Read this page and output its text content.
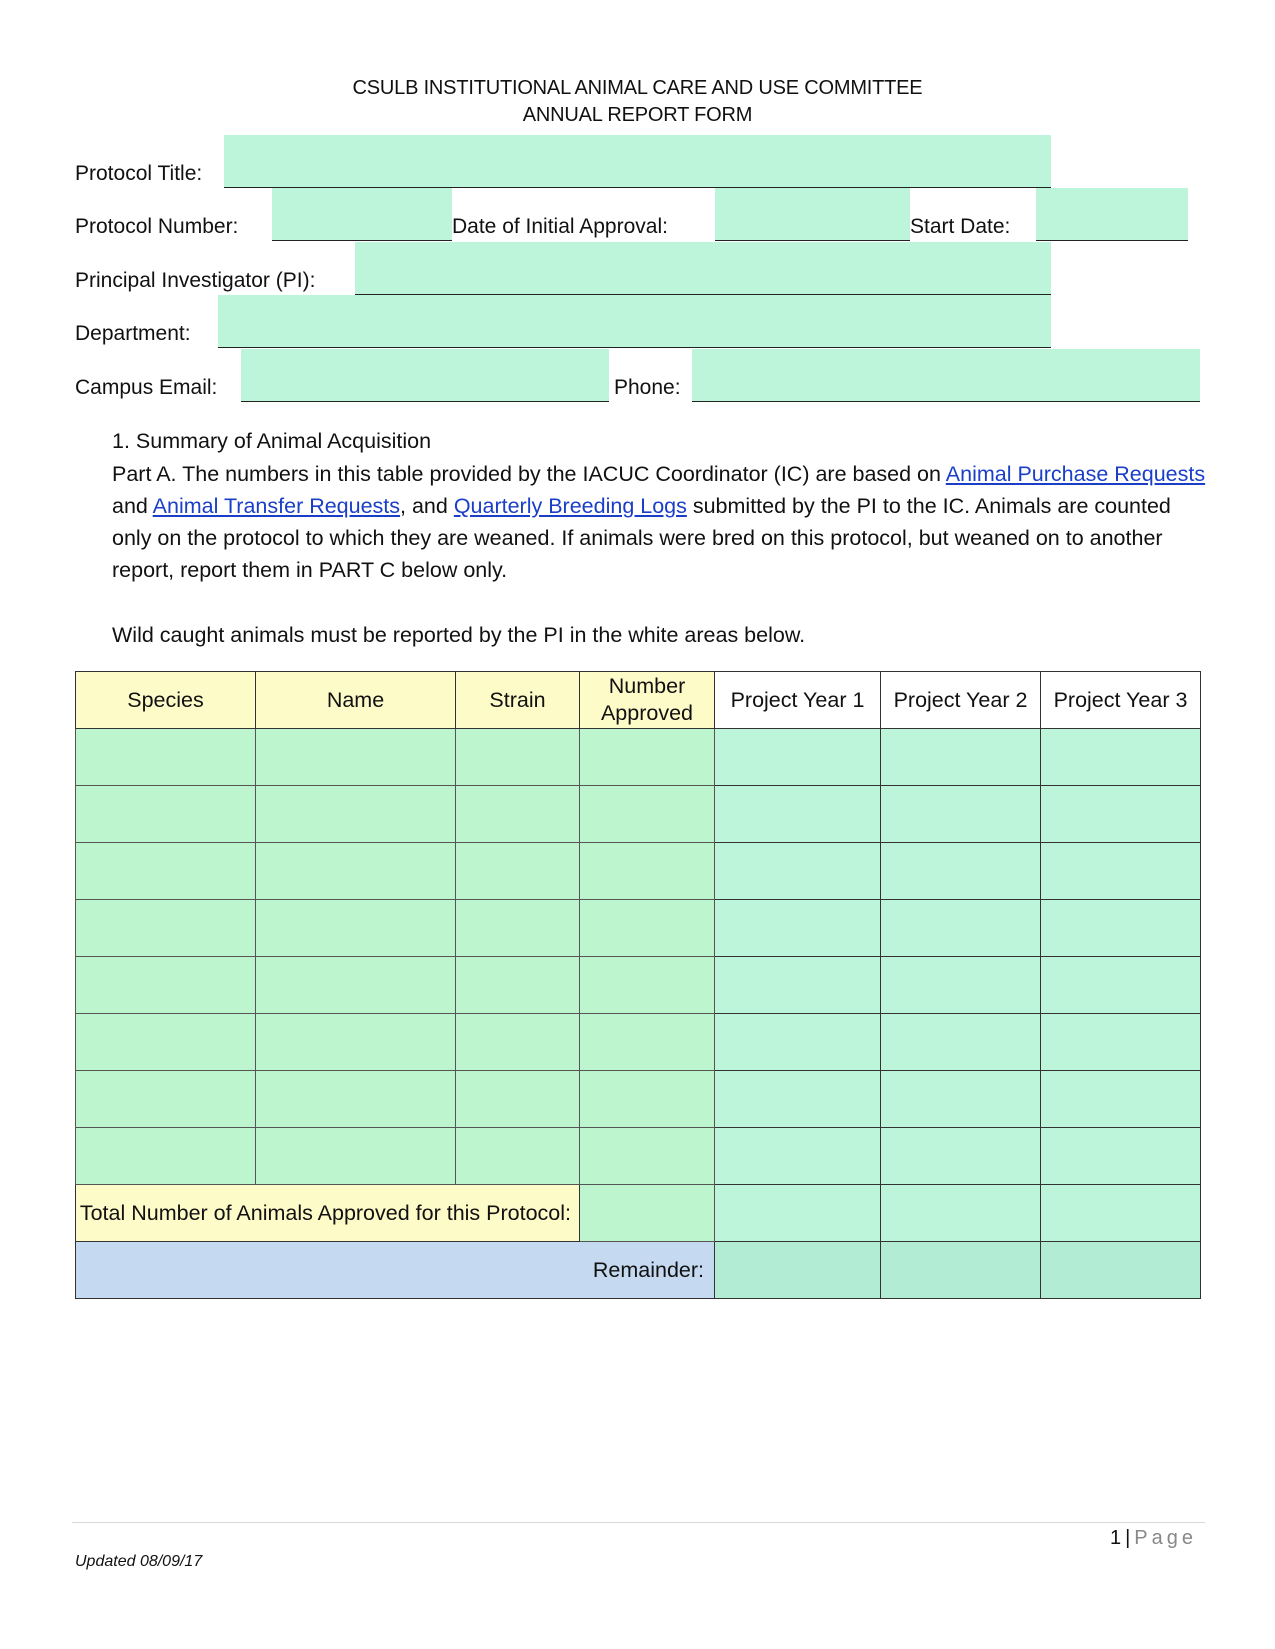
CSULB INSTITUTIONAL ANIMAL CARE AND USE COMMITTEE
ANNUAL REPORT FORM
Protocol Title:
Protocol Number:	Date of Initial Approval:	Start Date:
Principal Investigator (PI):
Department:
Campus Email:	Phone:
1. Summary of Animal Acquisition
Part A. The numbers in this table provided by the IACUC Coordinator (IC) are based on Animal Purchase Requests and Animal Transfer Requests, and Quarterly Breeding Logs submitted by the PI to the IC. Animals are counted only on the protocol to which they are weaned. If animals were bred on this protocol, but weaned on to another report, report them in PART C below only.
Wild caught animals must be reported by the PI in the white areas below.
Species	Name	Strain	Number Approved	Project Year 1	Project Year 2	Project Year 3

Total Number of Animals Approved for this Protocol:						
Remainder:						
1 | Page
Updated 08/09/17
